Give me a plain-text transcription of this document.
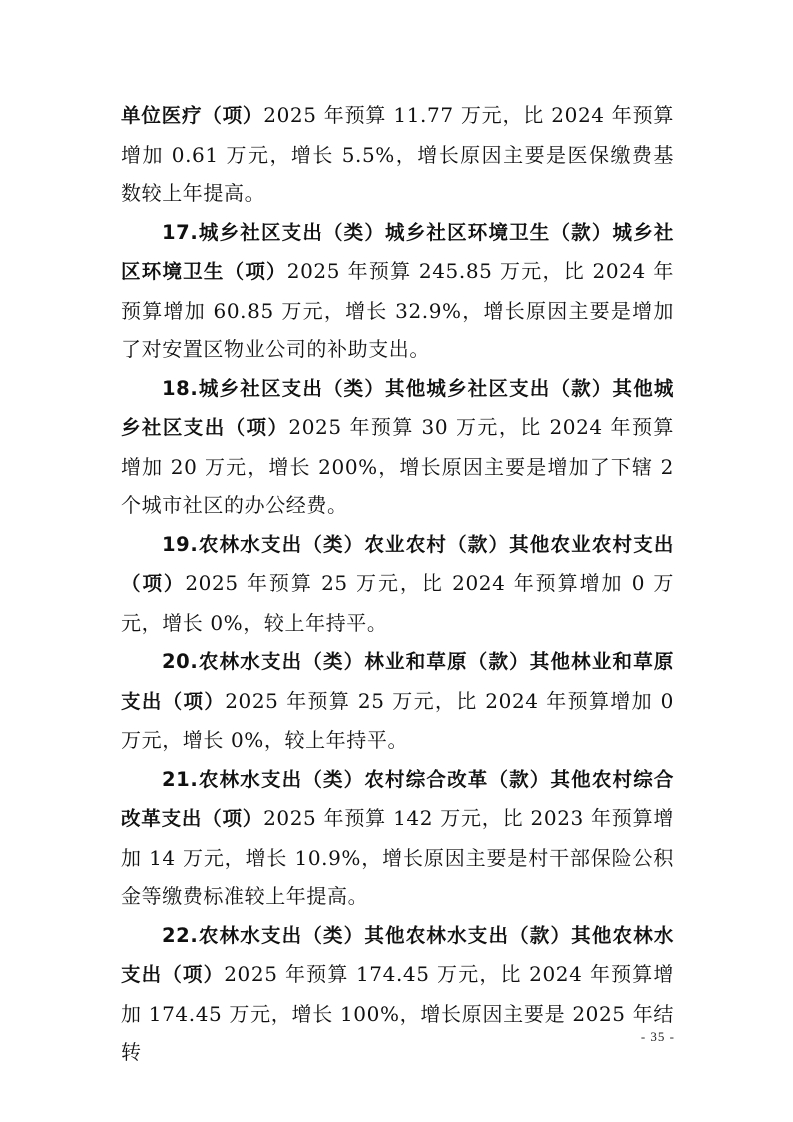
单位医疗（项）2025 年预算 11.77 万元，比 2024 年预算增加 0.61 万元，增长 5.5%，增长原因主要是医保缴费基数较上年提高。

17.城乡社区支出（类）城乡社区环境卫生（款）城乡社区环境卫生（项）2025 年预算 245.85 万元，比 2024 年预算增加 60.85 万元，增长 32.9%，增长原因主要是增加了对安置区物业公司的补助支出。

18.城乡社区支出（类）其他城乡社区支出（款）其他城乡社区支出（项）2025 年预算 30 万元，比 2024 年预算增加 20 万元，增长 200%，增长原因主要是增加了下辖 2 个城市社区的办公经费。

19.农林水支出（类）农业农村（款）其他农业农村支出（项）2025 年预算 25 万元，比 2024 年预算增加 0 万元，增长 0%，较上年持平。

20.农林水支出（类）林业和草原（款）其他林业和草原支出（项）2025 年预算 25 万元，比 2024 年预算增加 0 万元，增长 0%，较上年持平。

21.农林水支出（类）农村综合改革（款）其他农村综合改革支出（项）2025 年预算 142 万元，比 2023 年预算增加 14 万元，增长 10.9%，增长原因主要是村干部保险公积金等缴费标准较上年提高。

22.农林水支出（类）其他农林水支出（款）其他农林水支出（项）2025 年预算 174.45 万元，比 2024 年预算增加 174.45 万元，增长 100%，增长原因主要是 2025 年结转

- 35 -
